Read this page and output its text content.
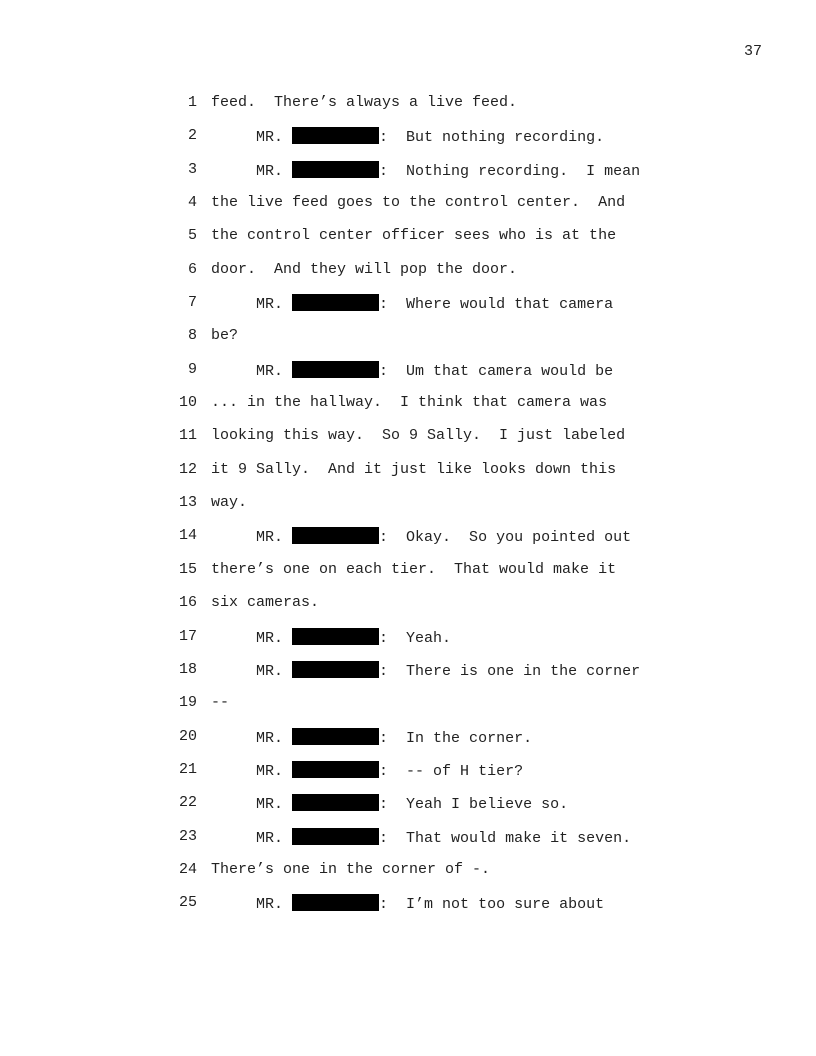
37
1 feed.  There’s always a live feed.
2	MR.	:  But nothing recording.
3	MR.	:  Nothing recording.  I mean
4 the live feed goes to the control center.  And
5 the control center officer sees who is at the
6 door.  And they will pop the door.
7	MR.	:  Where would that camera
8 be?
9	MR.	:  Um that camera would be
10 ... in the hallway.  I think that camera was
11 looking this way.  So 9 Sally.  I just labeled
12 it 9 Sally.  And it just like looks down this
13 way.
14	MR.	:  Okay.  So you pointed out
15 there’s one on each tier.  That would make it
16 six cameras.
17	MR.	:  Yeah.
18	MR.	:  There is one in the corner
19 --
20	MR.	:  In the corner.
21	MR.	:  -- of H tier?
22	MR.	:  Yeah I believe so.
23	MR.	:  That would make it seven.
24 There’s one in the corner of -.
25	MR.	:  I’m not too sure about
